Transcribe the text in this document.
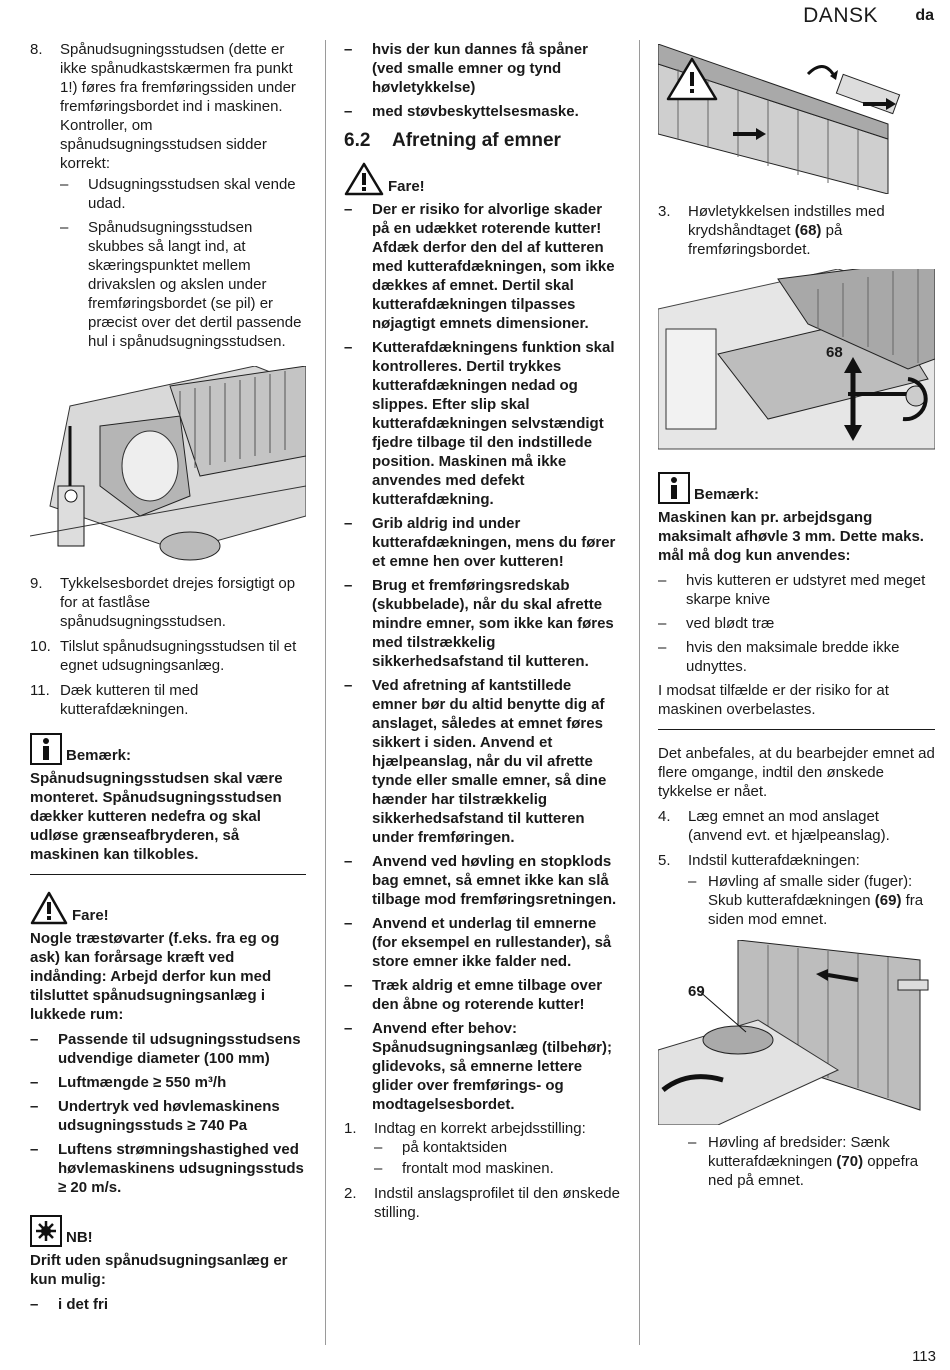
DANSK da
8.	Spånudsugningsstudsen (dette er ikke spånudkastskærmen fra punkt 1!) føres fra fremføringssiden under fremføringsbordet ind i maskinen. Kontroller, om spånudsugningsstudsen sidder korrekt:
–	Udsugningsstudsen skal vende udad.
–	Spånudsugningsstudsen skubbes så langt ind, at skæringspunktet mellem drivakslen og akslen under fremføringsbordet (se pil) er præcist over det dertil passende hul i spånudsugningsstudsen.
9.	Tykkelsesbordet drejes forsigtigt op for at fastlåse spånudsugningsstudsen.
10. Tilslut spånudsugningsstudsen til et egnet udsugningsanlæg.
11. Dæk kutteren til med kutterafdækningen.
Bemærk:

Spånudsugningsstudsen skal være monteret. Spånudsugningsstudsen dækker kutteren nedefra og skal udløse grænseafbryderen, så maskinen kan tilkobles.

Fare!

Nogle træstøvarter (f.eks. fra eg og ask) kan forårsage kræft ved indånding: Arbejd derfor kun med tilsluttet spånudsugningsanlæg i lukkede rum:

–	Passende til udsugningsstudsens udvendige diameter (100 mm)
–	Luftmængde ≥ 550 m³/h
–	Undertryk ved høvlemaskinens udsugningsstuds ≥ 740 Pa
–	Luftens strømningshastighed ved høvlemaskinens udsugningsstuds ≥ 20 m/s.
NB!

Drift uden spånudsugningsanlæg er kun mulig:

–	i det fri
–	hvis der kun dannes få spåner (ved smalle emner og tynd høvletykkelse)
–	med støvbeskyttelsesmaske.
6.2	Afretning af emner
Fare!
–	Der er risiko for alvorlige skader på en udækket roterende kutter! Afdæk derfor den del af kutteren med kutterafdækningen, som ikke dækkes af emnet. Dertil skal kutterafdækningen tilpasses nøjagtigt emnets dimensioner.
–	Kutterafdækningens funktion skal kontrolleres. Dertil trykkes kutterafdækningen nedad og slippes. Efter slip skal kutterafdækningen selvstændigt fjedre tilbage til den indstillede position. Maskinen må ikke anvendes med defekt kutterafdækning.
–	Grib aldrig ind under kutterafdækningen, mens du fører et emne hen over kutteren!
–	Brug et fremføringsredskab (skubbelade), når du skal afrette mindre emner, som ikke kan føres med tilstrækkelig sikkerhedsafstand til kutteren.
–	Ved afretning af kantstillede emner bør du altid benytte dig af anslaget, således at emnet føres sikkert i siden. Anvend et hjælpeanslag, når du vil afrette tynde eller smalle emner, så dine hænder har tilstrækkelig sikkerhedsafstand til kutteren under fremføringen.
–	Anvend ved høvling en stopklods bag emnet, så emnet ikke kan slå tilbage mod fremføringsretningen.
–	Anvend et underlag til emnerne (for eksempel en rullestander), så store emner ikke falder ned.
–	Træk aldrig et emne tilbage over den åbne og roterende kutter!
–	Anvend efter behov: Spånudsugningsanlæg (tilbehør); glidevoks, så emnerne lettere glider over fremførings- og modtagelsesbordet.
1.	Indtag en korrekt arbejdsstilling:
–	på kontaktsiden
–	frontalt mod maskinen.
2.	Indstil anslagsprofilet til den ønskede stilling.
3.	Høvletykkelsen indstilles med krydshåndtaget (68) på fremføringsbordet.
68
Bemærk:

Maskinen kan pr. arbejdsgang maksimalt afhøvle 3 mm. Dette maks. mål må dog kun anvendes:

–	hvis kutteren er udstyret med meget skarpe knive
–	ved blødt træ
–	hvis den maksimale bredde ikke udnyttes.

I modsat tilfælde er der risiko for at maskinen overbelastes.

Det anbefales, at du bearbejder emnet ad flere omgange, indtil den ønskede tykkelse er nået.

4.	Læg emnet an mod anslaget (anvend evt. et hjælpeanslag).
5.	Indstil kutterafdækningen:
– Høvling af smalle sider (fuger): Skub kutterafdækningen (69) fra siden mod emnet.
69
– Høvling af bredsider: Sænk kutterafdækningen (70) oppefra ned på emnet.
113
